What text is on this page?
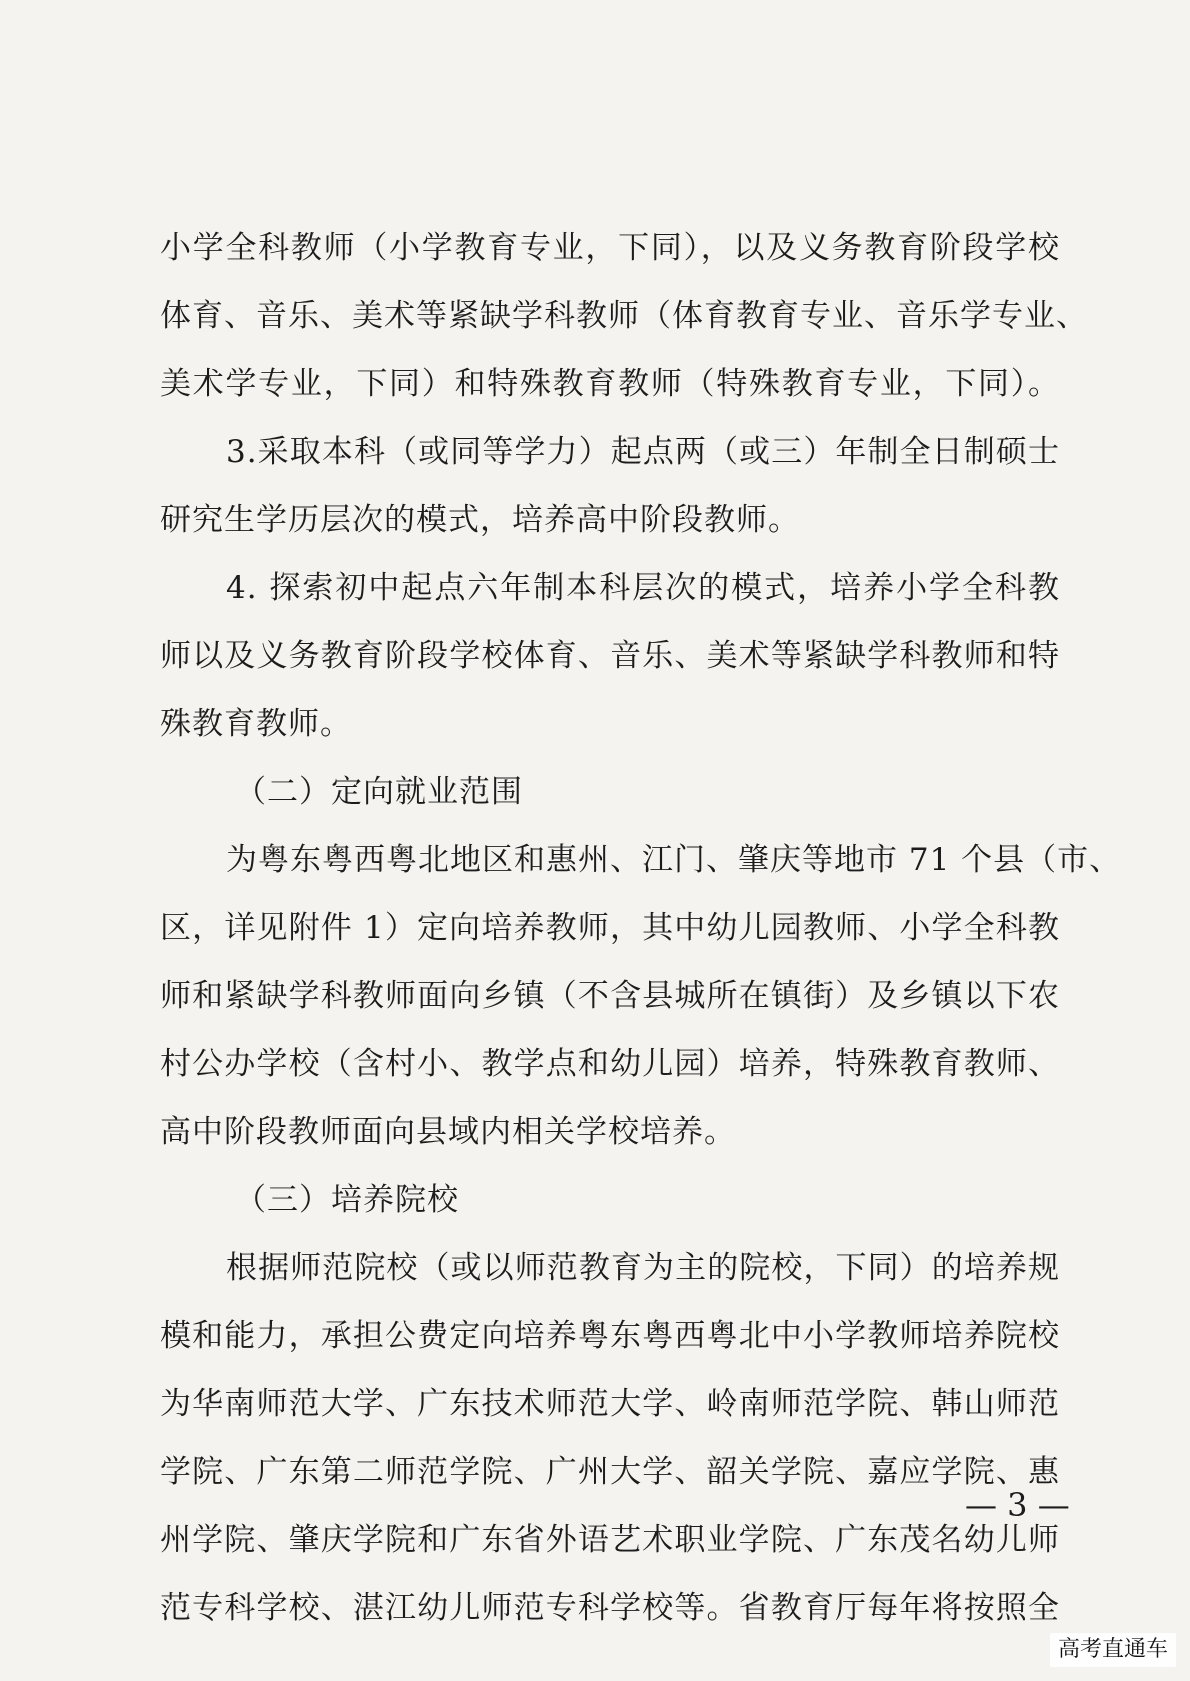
小学全科教师（小学教育专业，下同），以及义务教育阶段学校
体育、音乐、美术等紧缺学科教师（体育教育专业、音乐学专业、
美术学专业，下同）和特殊教育教师（特殊教育专业，下同）。
3.采取本科（或同等学力）起点两（或三）年制全日制硕士
研究生学历层次的模式，培养高中阶段教师。
4. 探索初中起点六年制本科层次的模式，培养小学全科教
师以及义务教育阶段学校体育、音乐、美术等紧缺学科教师和特
殊教育教师。
（二）定向就业范围
为粤东粤西粤北地区和惠州、江门、肇庆等地市 71 个县（市、
区，详见附件 1）定向培养教师，其中幼儿园教师、小学全科教
师和紧缺学科教师面向乡镇（不含县城所在镇街）及乡镇以下农
村公办学校（含村小、教学点和幼儿园）培养，特殊教育教师、
高中阶段教师面向县域内相关学校培养。
（三）培养院校
根据师范院校（或以师范教育为主的院校，下同）的培养规
模和能力，承担公费定向培养粤东粤西粤北中小学教师培养院校
为华南师范大学、广东技术师范大学、岭南师范学院、韩山师范
学院、广东第二师范学院、广州大学、韶关学院、嘉应学院、惠
州学院、肇庆学院和广东省外语艺术职业学院、广东茂名幼儿师
范专科学校、湛江幼儿师范专科学校等。省教育厅每年将按照全
— 3 —
高考直通车
